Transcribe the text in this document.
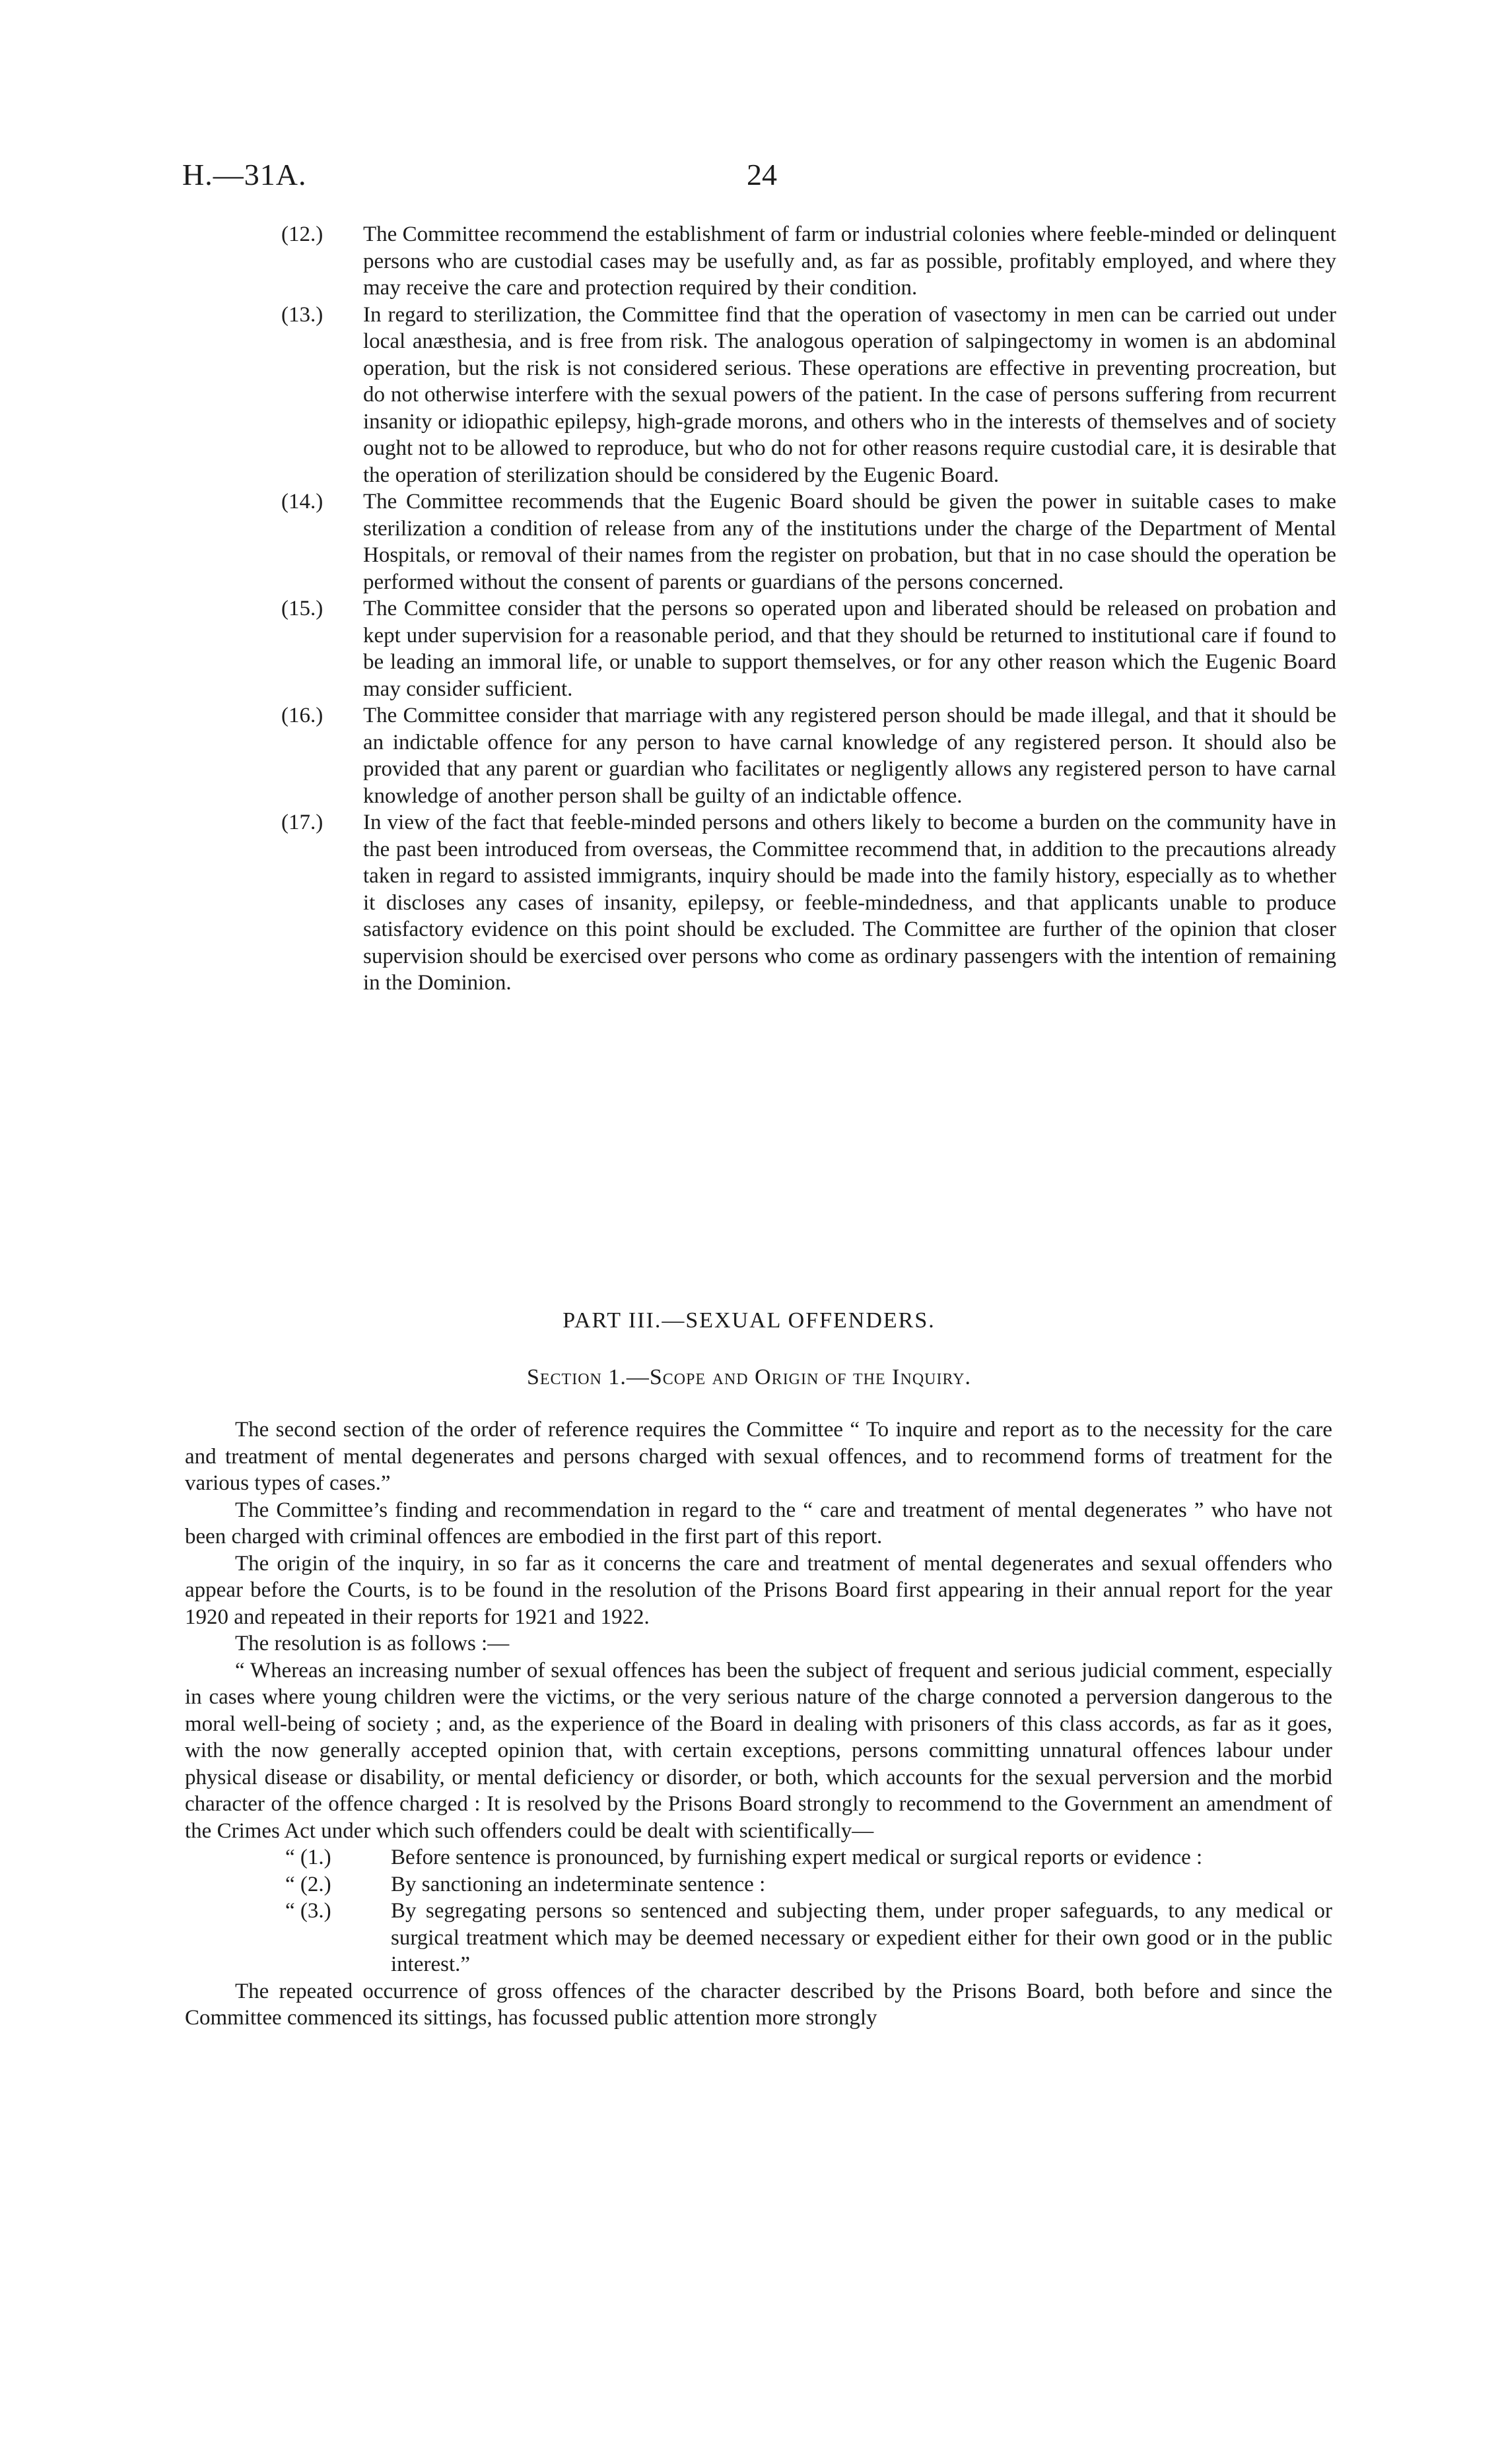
H.—31A.	24
(12.) The Committee recommend the establishment of farm or industrial colonies where feeble-minded or delinquent persons who are custodial cases may be usefully and, as far as possible, profitably employed, and where they may receive the care and protection required by their condition.
(13.) In regard to sterilization, the Committee find that the operation of vasectomy in men can be carried out under local anæsthesia, and is free from risk. The analogous operation of salpingectomy in women is an abdominal operation, but the risk is not considered serious. These operations are effective in preventing procreation, but do not otherwise interfere with the sexual powers of the patient. In the case of persons suffering from recurrent insanity or idiopathic epilepsy, high-grade morons, and others who in the interests of themselves and of society ought not to be allowed to reproduce, but who do not for other reasons require custodial care, it is desirable that the operation of sterilization should be considered by the Eugenic Board.
(14.) The Committee recommends that the Eugenic Board should be given the power in suitable cases to make sterilization a condition of release from any of the institutions under the charge of the Department of Mental Hospitals, or removal of their names from the register on probation, but that in no case should the operation be performed without the consent of parents or guardians of the persons concerned.
(15.) The Committee consider that the persons so operated upon and liberated should be released on probation and kept under supervision for a reasonable period, and that they should be returned to institutional care if found to be leading an immoral life, or unable to support themselves, or for any other reason which the Eugenic Board may consider sufficient.
(16.) The Committee consider that marriage with any registered person should be made illegal, and that it should be an indictable offence for any person to have carnal knowledge of any registered person. It should also be provided that any parent or guardian who facilitates or negligently allows any registered person to have carnal knowledge of another person shall be guilty of an indictable offence.
(17.) In view of the fact that feeble-minded persons and others likely to become a burden on the community have in the past been introduced from overseas, the Committee recommend that, in addition to the precautions already taken in regard to assisted immigrants, inquiry should be made into the family history, especially as to whether it discloses any cases of insanity, epilepsy, or feeble-mindedness, and that applicants unable to produce satisfactory evidence on this point should be excluded. The Committee are further of the opinion that closer supervision should be exercised over persons who come as ordinary passengers with the intention of remaining in the Dominion.
PART III.—SEXUAL OFFENDERS.
Section 1.—Scope and Origin of the Inquiry.

The second section of the order of reference requires the Committee “ To inquire and report as to the necessity for the care and treatment of mental degenerates and persons charged with sexual offences, and to recommend forms of treatment for the various types of cases.”

The Committee’s finding and recommendation in regard to the “ care and treatment of mental degenerates ” who have not been charged with criminal offences are embodied in the first part of this report.

The origin of the inquiry, in so far as it concerns the care and treatment of mental degenerates and sexual offenders who appear before the Courts, is to be found in the resolution of the Prisons Board first appearing in their annual report for the year 1920 and repeated in their reports for 1921 and 1922.

The resolution is as follows :—

“ Whereas an increasing number of sexual offences has been the subject of frequent and serious judicial comment, especially in cases where young children were the victims, or the very serious nature of the charge connoted a perversion dangerous to the moral well-being of society ; and, as the experience of the Board in dealing with prisoners of this class accords, as far as it goes, with the now generally accepted opinion that, with certain exceptions, persons committing unnatural offences labour under physical disease or disability, or mental deficiency or disorder, or both, which accounts for the sexual perversion and the morbid character of the offence charged : It is resolved by the Prisons Board strongly to recommend to the Government an amendment of the Crimes Act under which such offenders could be dealt with scientifically—

“ (1.)	Before sentence is pronounced, by furnishing expert medical or surgical reports or evidence :
“ (2.)	By sanctioning an indeterminate sentence :
“ (3.)	By segregating persons so sentenced and subjecting them, under proper safeguards, to any medical or surgical treatment which may be deemed necessary or expedient either for their own good or in the public interest.”

The repeated occurrence of gross offences of the character described by the Prisons Board, both before and since the Committee commenced its sittings, has focussed public attention more strongly
